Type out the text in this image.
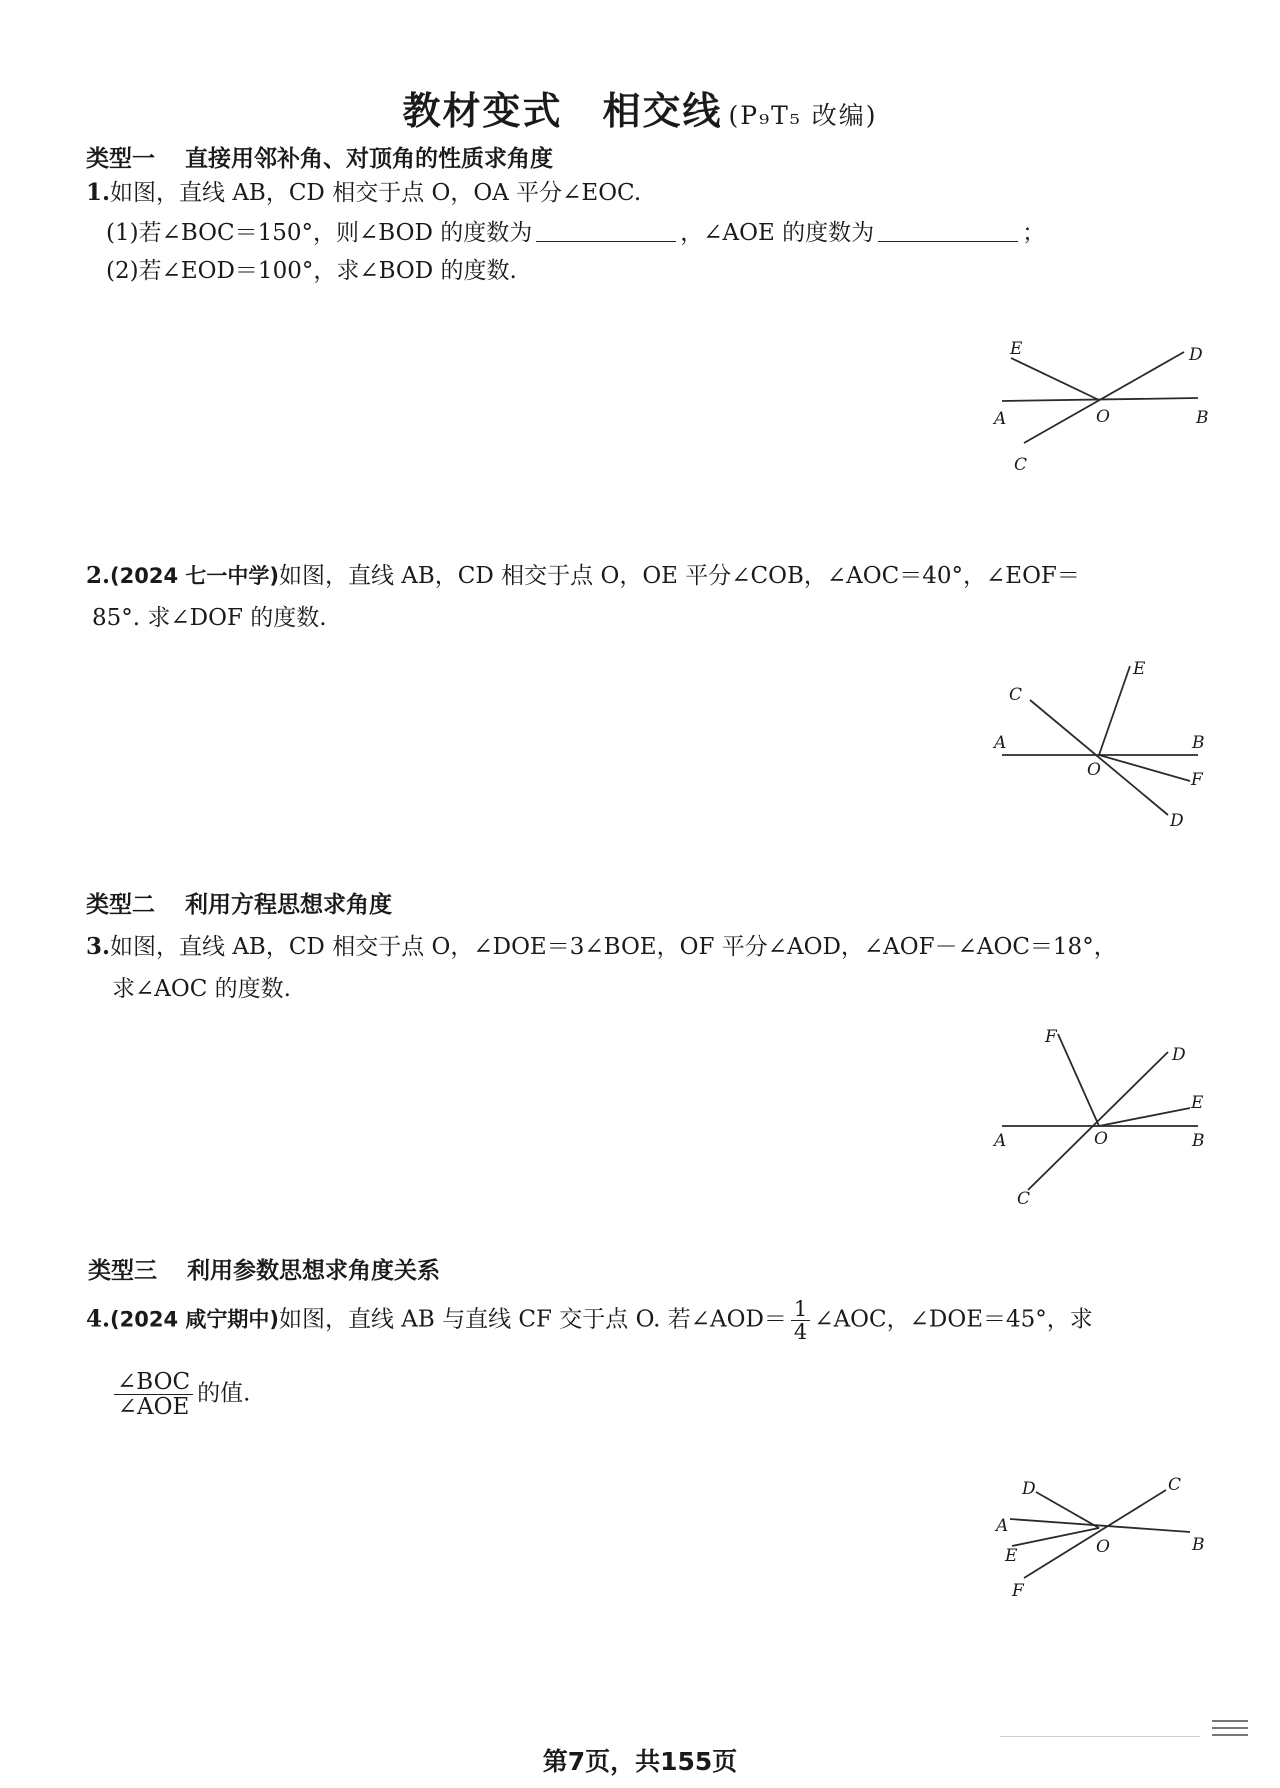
教材变式 相交线 (P₉T₅ 改编)
类型一 直接用邻补角、对顶角的性质求角度
1.如图，直线 AB，CD 相交于点 O，OA 平分∠EOC.
(1)若∠BOC＝150°，则∠BOD 的度数为	，∠AOE 的度数为	；
(2)若∠EOD＝100°，求∠BOD 的度数.
E	D
A	O	B
C
2.(2024 七一中学)如图，直线 AB，CD 相交于点 O，OE 平分∠COB，∠AOC＝40°，∠EOF＝
85°. 求∠DOF 的度数.
E
C
A	B
O	F
D
类型二 利用方程思想求角度
3.如图，直线 AB，CD 相交于点 O，∠DOE＝3∠BOE，OF 平分∠AOD，∠AOF－∠AOC＝18°，
求∠AOC 的度数.
F
D
E
A	O	B
C
类型三 利用参数思想求角度关系
4.(2024 咸宁期中)如图，直线 AB 与直线 CF 交于点 O. 若∠AOD＝ $\frac{1}{4}$ ∠AOC，∠DOE＝45°，求
$\frac{\text{∠BOC}}{\text{∠AOE}}$ 的值.
D	C
A
E	O	B
F
第7页，共155页
